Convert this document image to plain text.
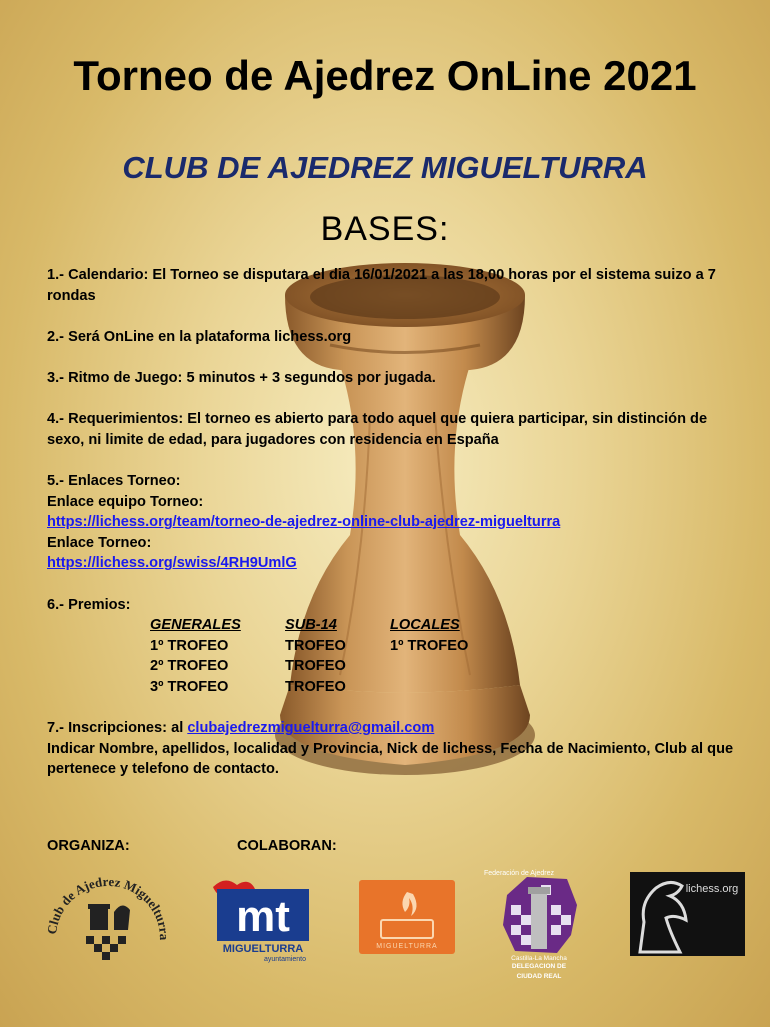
Torneo de Ajedrez OnLine 2021
CLUB DE AJEDREZ MIGUELTURRA
BASES:

1.- Calendario: El Torneo se disputara el dia 16/01/2021 a las 18,00 horas por el sistema suizo a 7 rondas

2.- Será OnLine en la plataforma lichess.org

3.- Ritmo de Juego: 5 minutos + 3 segundos por jugada.

4.- Requerimientos: El torneo es abierto para todo aquel que quiera participar, sin distinción de sexo, ni limite de edad, para jugadores con residencia en España

5.- Enlaces Torneo:

Enlace equipo Torneo:

https://lichess.org/team/torneo-de-ajedrez-online-club-ajedrez-miguelturra

Enlace Torneo:

https://lichess.org/swiss/4RH9UmlG

6.- Premios:

GENERALES	SUB-14	LOCALES
1º TROFEO	TROFEO	1º TROFEO
2º TROFEO	TROFEO
3º TROFEO	TROFEO

7.- Inscripciones: al clubajedrezmiguelturra@gmail.com

Indicar Nombre, apellidos, localidad y Provincia, Nick de lichess, Fecha de Nacimiento, Club al que pertenece y telefono de contacto.

ORGANIZA:	COLABORAN:
Club de Ajedrez Miguelturra mt
MIGUELTURRA
ayuntamiento
MIGUELTURRA
Federación de Ajedrez
Castilla-La Mancha
DELEGACION DE
CIUDAD REAL
lichess.org
